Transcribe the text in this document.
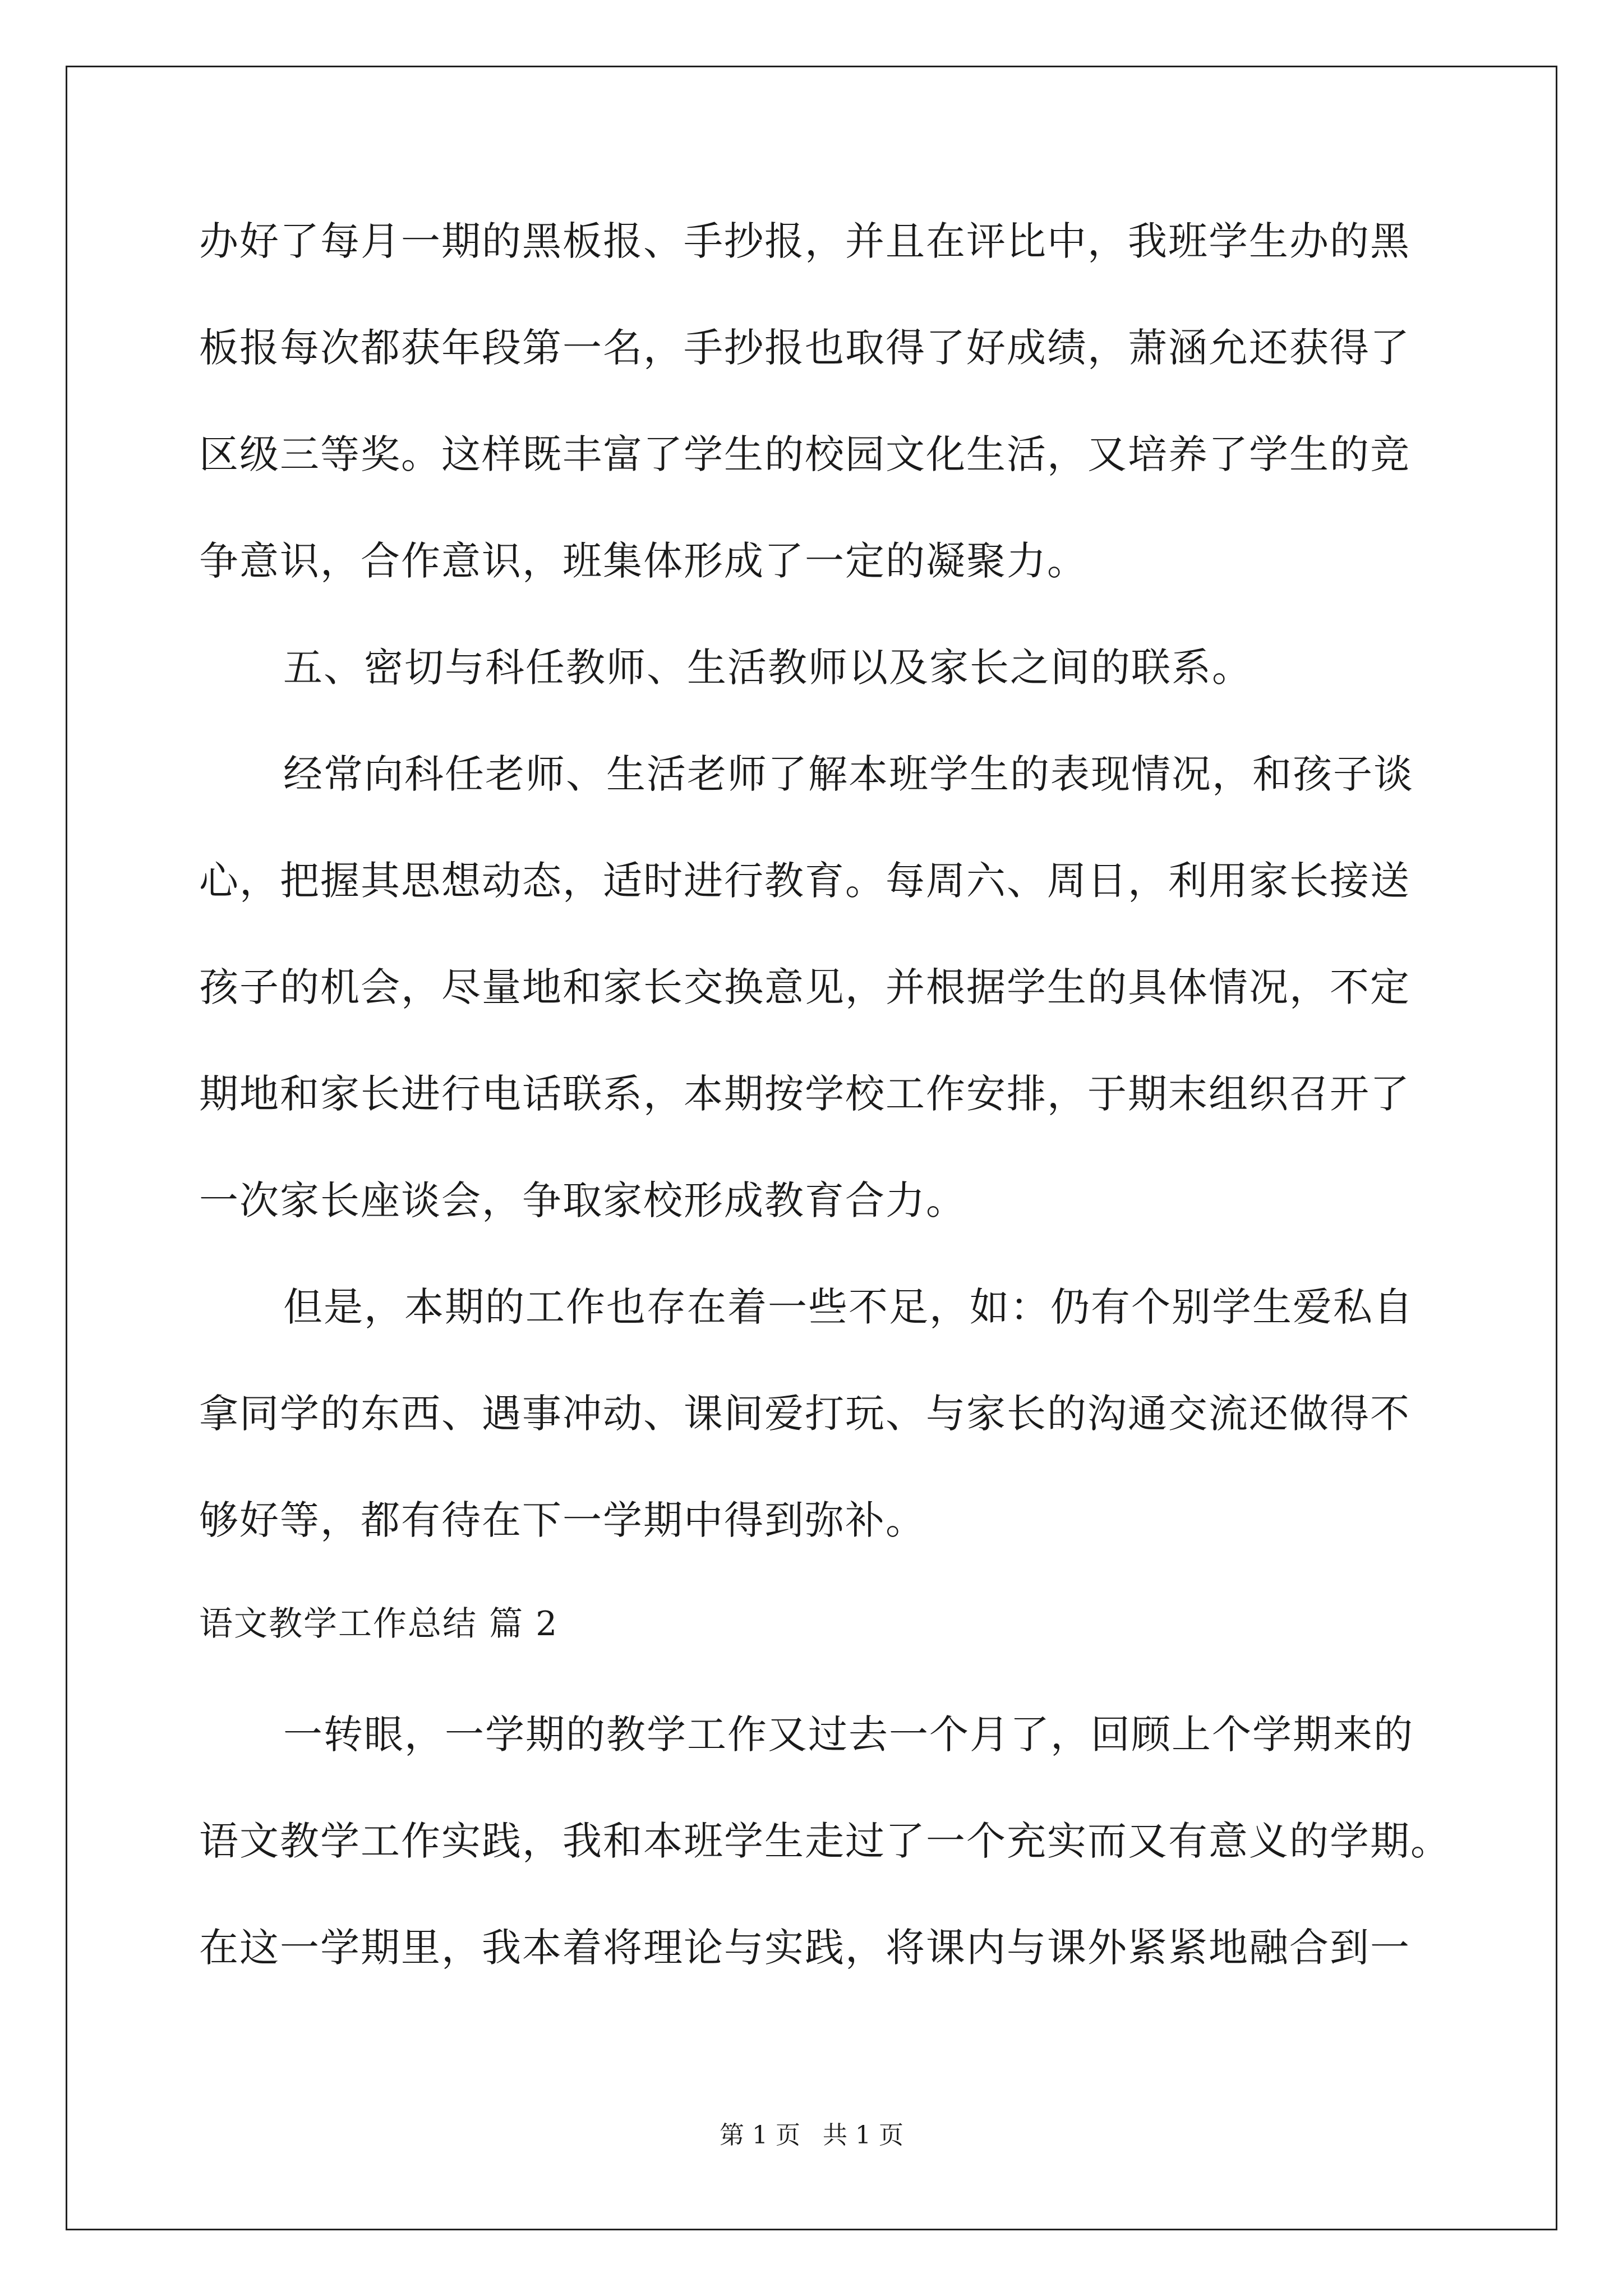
办好了每月一期的黑板报、手抄报，并且在评比中，我班学生办的黑
板报每次都获年段第一名，手抄报也取得了好成绩，萧涵允还获得了
区级三等奖。这样既丰富了学生的校园文化生活，又培养了学生的竞
争意识，合作意识，班集体形成了一定的凝聚力。
五、密切与科任教师、生活教师以及家长之间的联系。
经常向科任老师、生活老师了解本班学生的表现情况，和孩子谈
心，把握其思想动态，适时进行教育。每周六、周日，利用家长接送
孩子的机会，尽量地和家长交换意见，并根据学生的具体情况，不定
期地和家长进行电话联系，本期按学校工作安排，于期末组织召开了
一次家长座谈会，争取家校形成教育合力。
但是，本期的工作也存在着一些不足，如：仍有个别学生爱私自
拿同学的东西、遇事冲动、课间爱打玩、与家长的沟通交流还做得不
够好等，都有待在下一学期中得到弥补。
语文教学工作总结 篇 2
一转眼，一学期的教学工作又过去一个月了，回顾上个学期来的
语文教学工作实践，我和本班学生走过了一个充实而又有意义的学期。
在这一学期里，我本着将理论与实践，将课内与课外紧紧地融合到一
第 1 页 共 1 页
